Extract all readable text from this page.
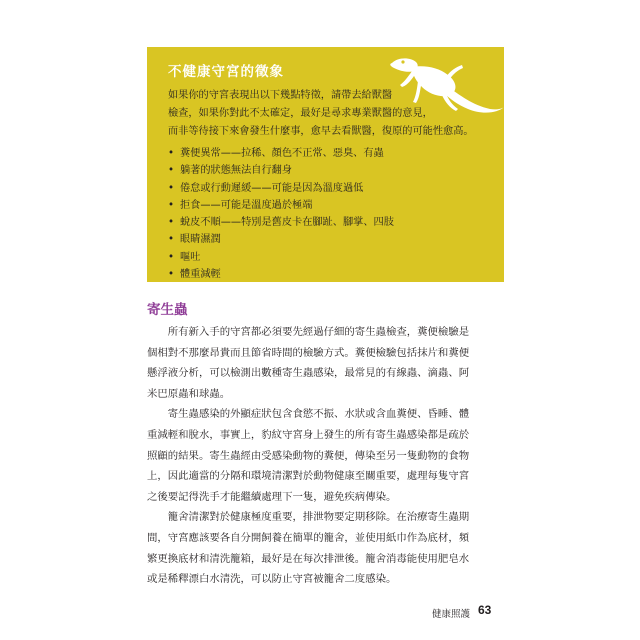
不健康守宮的徵象
如果你的守宮表現出以下幾點特徵，請帶去給獸醫
檢查，如果你對此不太確定，最好是尋求專業獸醫的意見，
而非等待接下來會發生什麼事，愈早去看獸醫，復原的可能性愈高。
• 糞便異常——拉稀、顏色不正常、惡臭、有蟲
• 躺著的狀態無法自行翻身
• 倦怠或行動遲緩——可能是因為溫度過低
• 拒食——可能是溫度過於極端
• 蛻皮不順——特別是舊皮卡在腳趾、腳掌、四肢
• 眼睛濕潤
• 嘔吐
• 體重減輕
寄生蟲
　　所有新入手的守宮都必須要先經過仔細的寄生蟲檢查，糞便檢驗是
個相對不那麼昂貴而且節省時間的檢驗方式。糞便檢驗包括抹片和糞便
懸浮液分析，可以檢測出數種寄生蟲感染，最常見的有線蟲、滴蟲、阿
米巴原蟲和球蟲。
　　寄生蟲感染的外顯症狀包含食慾不振、水狀或含血糞便、昏睡、體
重減輕和脫水，事實上，豹紋守宮身上發生的所有寄生蟲感染都是疏於
照顧的結果。寄生蟲經由受感染動物的糞便，傳染至另一隻動物的食物
上，因此適當的分隔和環境清潔對於動物健康至關重要，處理每隻守宮
之後要記得洗手才能繼續處理下一隻，避免疾病傳染。
　　籠舍清潔對於健康極度重要，排泄物要定期移除。在治療寄生蟲期
間，守宮應該要各自分開飼養在簡單的籠舍，並使用紙巾作為底材，頻
繁更換底材和清洗籠箱，最好是在每次排泄後。籠舍消毒能使用肥皂水
或是稀釋漂白水清洗，可以防止守宮被籠舍二度感染。
健康照護 63
